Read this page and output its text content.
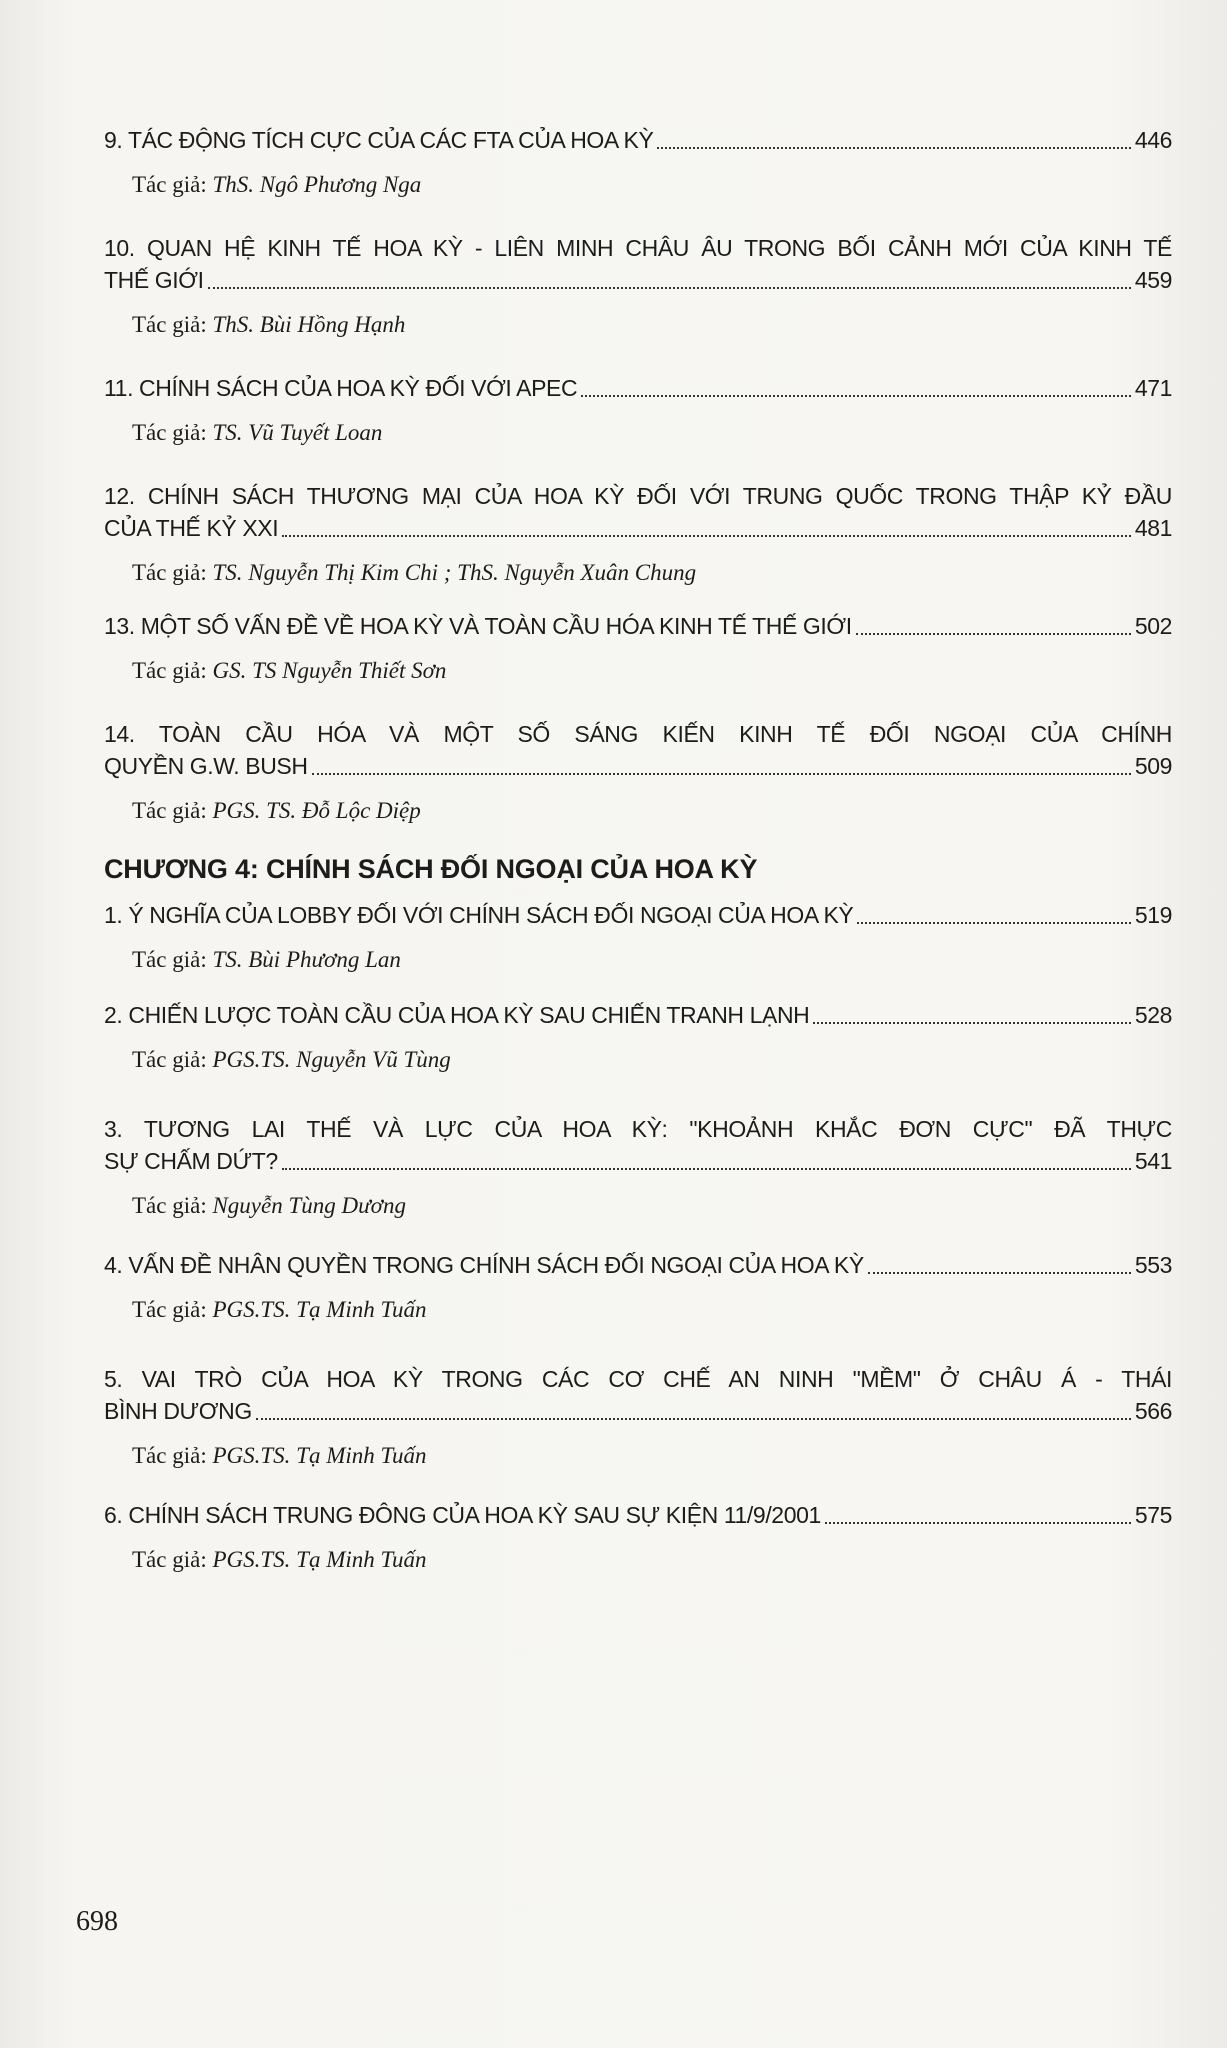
9. TÁC ĐỘNG TÍCH CỰC CỦA CÁC FTA CỦA HOA KỲ	446
Tác giả: ThS. Ngô Phương Nga
10. QUAN HỆ KINH TẾ HOA KỲ - LIÊN MINH CHÂU ÂU TRONG BỐI CẢNH MỚI CỦA KINH TẾ
THẾ GIỚI	459
Tác giả: ThS. Bùi Hồng Hạnh
11. CHÍNH SÁCH CỦA HOA KỲ ĐỐI VỚI APEC	471
Tác giả: TS. Vũ Tuyết Loan
12. CHÍNH SÁCH THƯƠNG MẠI CỦA HOA KỲ ĐỐI VỚI TRUNG QUỐC TRONG THẬP KỶ ĐẦU
CỦA THẾ KỶ XXI	481
Tác giả: TS. Nguyễn Thị Kim Chi ; ThS. Nguyễn Xuân Chung
13. MỘT SỐ VẤN ĐỀ VỀ HOA KỲ VÀ TOÀN CẦU HÓA KINH TẾ THẾ GIỚI	502
Tác giả: GS. TS Nguyễn Thiết Sơn
14. TOÀN CẦU HÓA VÀ MỘT SỐ SÁNG KIẾN KINH TẾ ĐỐI NGOẠI CỦA CHÍNH
QUYỀN G.W. BUSH	509
Tác giả: PGS. TS. Đỗ Lộc Diệp
CHƯƠNG 4: CHÍNH SÁCH ĐỐI NGOẠI CỦA HOA KỲ
1. Ý NGHĨA CỦA LOBBY ĐỐI VỚI CHÍNH SÁCH ĐỐI NGOẠI CỦA HOA KỲ	519
Tác giả: TS. Bùi Phương Lan
2. CHIẾN LƯỢC TOÀN CẦU CỦA HOA KỲ SAU CHIẾN TRANH LẠNH	528
Tác giả: PGS.TS. Nguyễn Vũ Tùng
3. TƯƠNG LAI THẾ VÀ LỰC CỦA HOA KỲ: "KHOẢNH KHẮC ĐƠN CỰC" ĐÃ THỰC
SỰ CHẤM DỨT?	541
Tác giả: Nguyễn Tùng Dương
4. VẤN ĐỀ NHÂN QUYỀN TRONG CHÍNH SÁCH ĐỐI NGOẠI CỦA HOA KỲ	553
Tác giả: PGS.TS. Tạ Minh Tuấn
5. VAI TRÒ CỦA HOA KỲ TRONG CÁC CƠ CHẾ AN NINH "MỀM" Ở CHÂU Á - THÁI
BÌNH DƯƠNG	566
Tác giả: PGS.TS. Tạ Minh Tuấn
6. CHÍNH SÁCH TRUNG ĐÔNG CỦA HOA KỲ SAU SỰ KIỆN 11/9/2001	575
Tác giả: PGS.TS. Tạ Minh Tuấn
698
